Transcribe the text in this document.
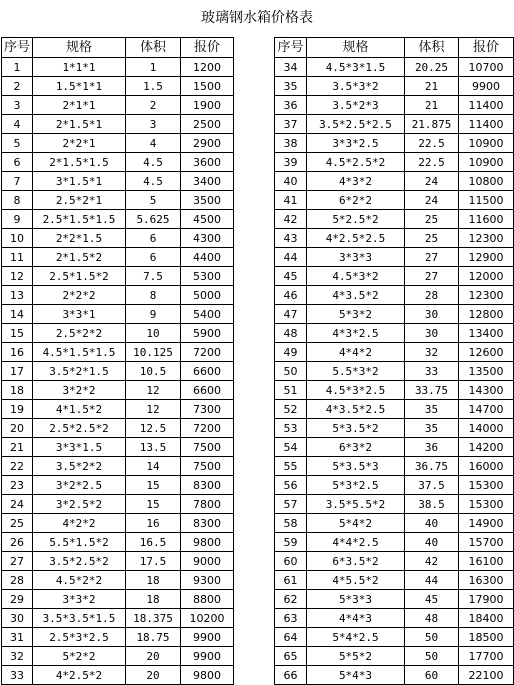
玻璃钢水箱价格表
序号	规格	体积	报价		序号	规格	体积	报价
1	1*1*1	1	1200		34	4.5*3*1.5	20.25	10700
2	1.5*1*1	1.5	1500		35	3.5*3*2	21	9900
3	2*1*1	2	1900		36	3.5*2*3	21	11400
4	2*1.5*1	3	2500		37	3.5*2.5*2.5	21.875	11400
5	2*2*1	4	2900		38	3*3*2.5	22.5	10900
6	2*1.5*1.5	4.5	3600		39	4.5*2.5*2	22.5	10900
7	3*1.5*1	4.5	3400		40	4*3*2	24	10800
8	2.5*2*1	5	3500		41	6*2*2	24	11500
9	2.5*1.5*1.5	5.625	4500		42	5*2.5*2	25	11600
10	2*2*1.5	6	4300		43	4*2.5*2.5	25	12300
11	2*1.5*2	6	4400		44	3*3*3	27	12900
12	2.5*1.5*2	7.5	5300		45	4.5*3*2	27	12000
13	2*2*2	8	5000		46	4*3.5*2	28	12300
14	3*3*1	9	5400		47	5*3*2	30	12800
15	2.5*2*2	10	5900		48	4*3*2.5	30	13400
16	4.5*1.5*1.5	10.125	7200		49	4*4*2	32	12600
17	3.5*2*1.5	10.5	6600		50	5.5*3*2	33	13500
18	3*2*2	12	6600		51	4.5*3*2.5	33.75	14300
19	4*1.5*2	12	7300		52	4*3.5*2.5	35	14700
20	2.5*2.5*2	12.5	7200		53	5*3.5*2	35	14000
21	3*3*1.5	13.5	7500		54	6*3*2	36	14200
22	3.5*2*2	14	7500		55	5*3.5*3	36.75	16000
23	3*2*2.5	15	8300		56	5*3*2.5	37.5	15300
24	3*2.5*2	15	7800		57	3.5*5.5*2	38.5	15300
25	4*2*2	16	8300		58	5*4*2	40	14900
26	5.5*1.5*2	16.5	9800		59	4*4*2.5	40	15700
27	3.5*2.5*2	17.5	9000		60	6*3.5*2	42	16100
28	4.5*2*2	18	9300		61	4*5.5*2	44	16300
29	3*3*2	18	8800		62	5*3*3	45	17900
30	3.5*3.5*1.5	18.375	10200		63	4*4*3	48	18400
31	2.5*3*2.5	18.75	9900		64	5*4*2.5	50	18500
32	5*2*2	20	9900		65	5*5*2	50	17700
33	4*2.5*2	20	9800		66	5*4*3	60	22100
